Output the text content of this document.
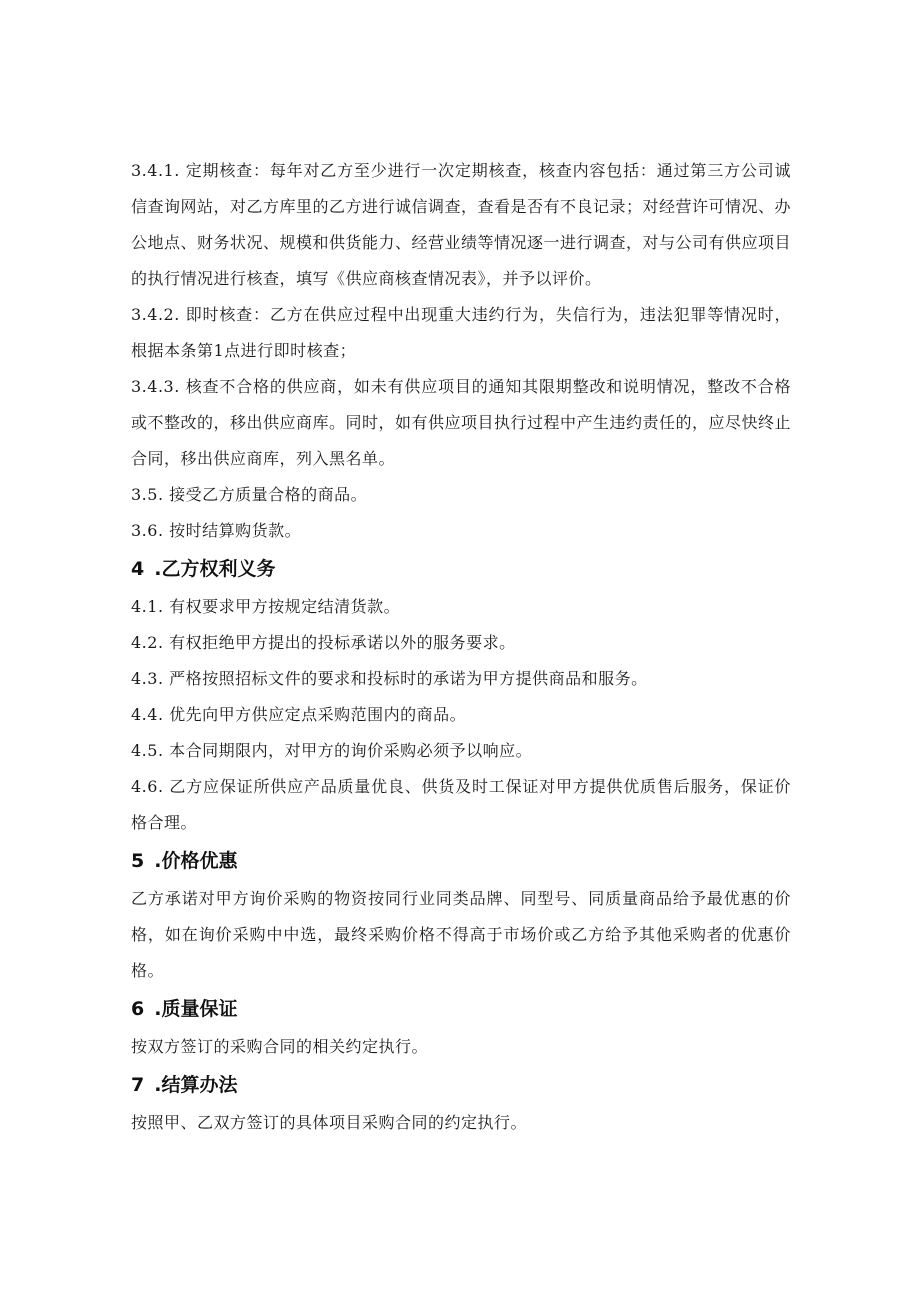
3.4.1. 定期核查：每年对乙方至少进行一次定期核查，核查内容包括：通过第三方公司诚信查询网站，对乙方库里的乙方进行诚信调查，查看是否有不良记录；对经营许可情况、办公地点、财务状况、规模和供货能力、经营业绩等情况逐一进行调查，对与公司有供应项目的执行情况进行核查，填写《供应商核查情况表》，并予以评价。

3.4.2. 即时核查：乙方在供应过程中出现重大违约行为，失信行为，违法犯罪等情况时，根据本条第1点进行即时核查；

3.4.3. 核查不合格的供应商，如未有供应项目的通知其限期整改和说明情况，整改不合格或不整改的，移出供应商库。同时，如有供应项目执行过程中产生违约责任的，应尽快终止合同，移出供应商库，列入黑名单。

3.5. 接受乙方质量合格的商品。

3.6. 按时结算购货款。

4 .乙方权利义务

4.1. 有权要求甲方按规定结清货款。

4.2. 有权拒绝甲方提出的投标承诺以外的服务要求。

4.3. 严格按照招标文件的要求和投标时的承诺为甲方提供商品和服务。

4.4. 优先向甲方供应定点采购范围内的商品。

4.5. 本合同期限内，对甲方的询价采购必须予以响应。

4.6. 乙方应保证所供应产品质量优良、供货及时工保证对甲方提供优质售后服务，保证价格合理。

5 .价格优惠

乙方承诺对甲方询价采购的物资按同行业同类品牌、同型号、同质量商品给予最优惠的价格，如在询价采购中中选，最终采购价格不得高于市场价或乙方给予其他采购者的优惠价格。

6 .质量保证

按双方签订的采购合同的相关约定执行。

7 .结算办法

按照甲、乙双方签订的具体项目采购合同的约定执行。
